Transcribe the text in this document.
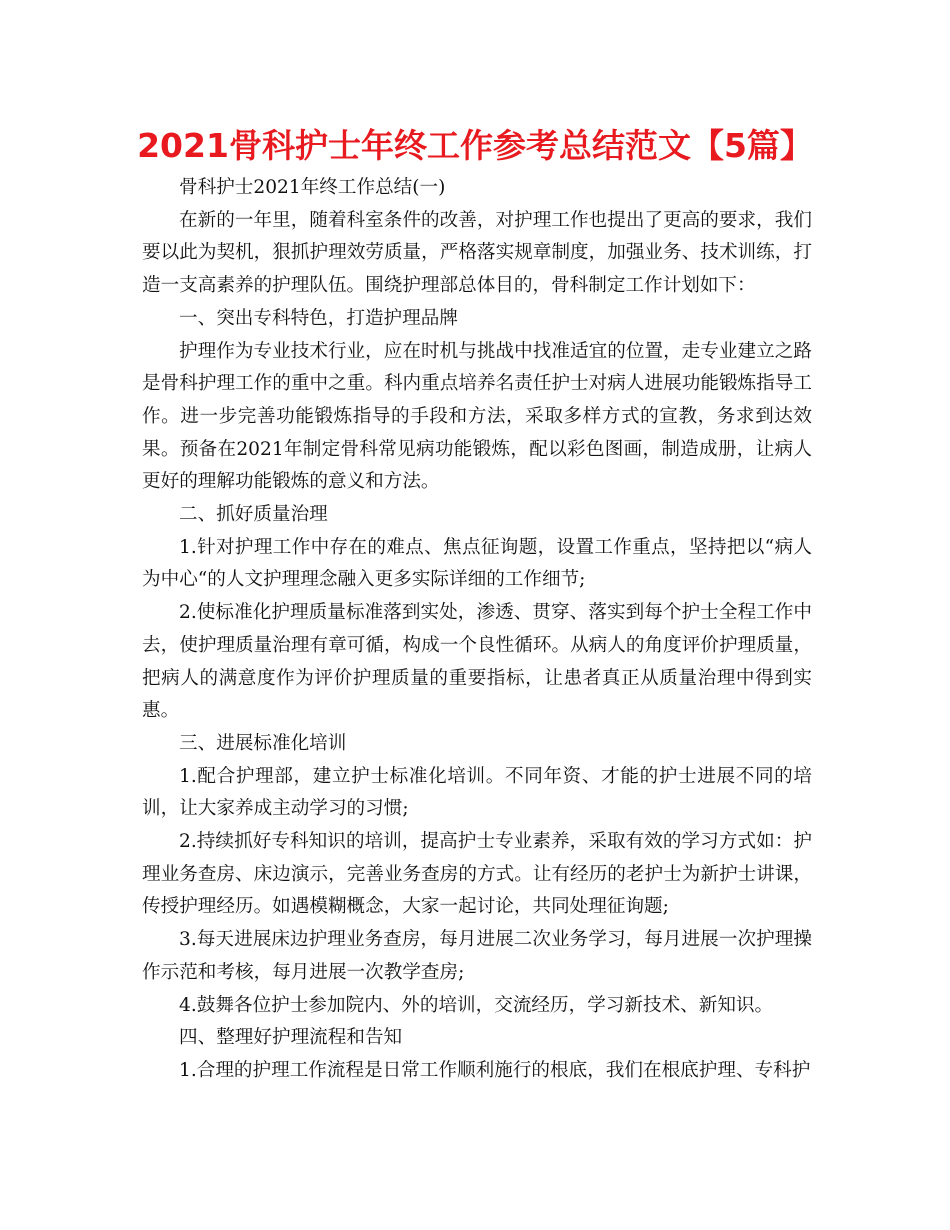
2021骨科护士年终工作参考总结范文【5篇】

骨科护士2021年终工作总结(一)

在新的一年里，随着科室条件的改善，对护理工作也提出了更高的要求，我们要以此为契机，狠抓护理效劳质量，严格落实规章制度，加强业务、技术训练，打造一支高素养的护理队伍。围绕护理部总体目的，骨科制定工作计划如下：

一、突出专科特色，打造护理品牌

护理作为专业技术行业，应在时机与挑战中找准适宜的位置，走专业建立之路是骨科护理工作的重中之重。科内重点培养名责任护士对病人进展功能锻炼指导工作。进一步完善功能锻炼指导的手段和方法，采取多样方式的宣教，务求到达效果。预备在2021年制定骨科常见病功能锻炼，配以彩色图画，制造成册，让病人更好的理解功能锻炼的意义和方法。

二、抓好质量治理

1.针对护理工作中存在的难点、焦点征询题，设置工作重点，坚持把以“病人为中心“的人文护理理念融入更多实际详细的工作细节;

2.使标准化护理质量标准落到实处，渗透、贯穿、落实到每个护士全程工作中去，使护理质量治理有章可循，构成一个良性循环。从病人的角度评价护理质量，把病人的满意度作为评价护理质量的重要指标，让患者真正从质量治理中得到实惠。

三、进展标准化培训

1.配合护理部，建立护士标准化培训。不同年资、才能的护士进展不同的培训，让大家养成主动学习的习惯;

2.持续抓好专科知识的培训，提高护士专业素养，采取有效的学习方式如：护理业务查房、床边演示，完善业务查房的方式。让有经历的老护士为新护士讲课，传授护理经历。如遇模糊概念，大家一起讨论，共同处理征询题;

3.每天进展床边护理业务查房，每月进展二次业务学习，每月进展一次护理操作示范和考核，每月进展一次教学查房;

4.鼓舞各位护士参加院内、外的培训，交流经历，学习新技术、新知识。

四、整理好护理流程和告知

1.合理的护理工作流程是日常工作顺利施行的根底，我们在根底护理、专科护
